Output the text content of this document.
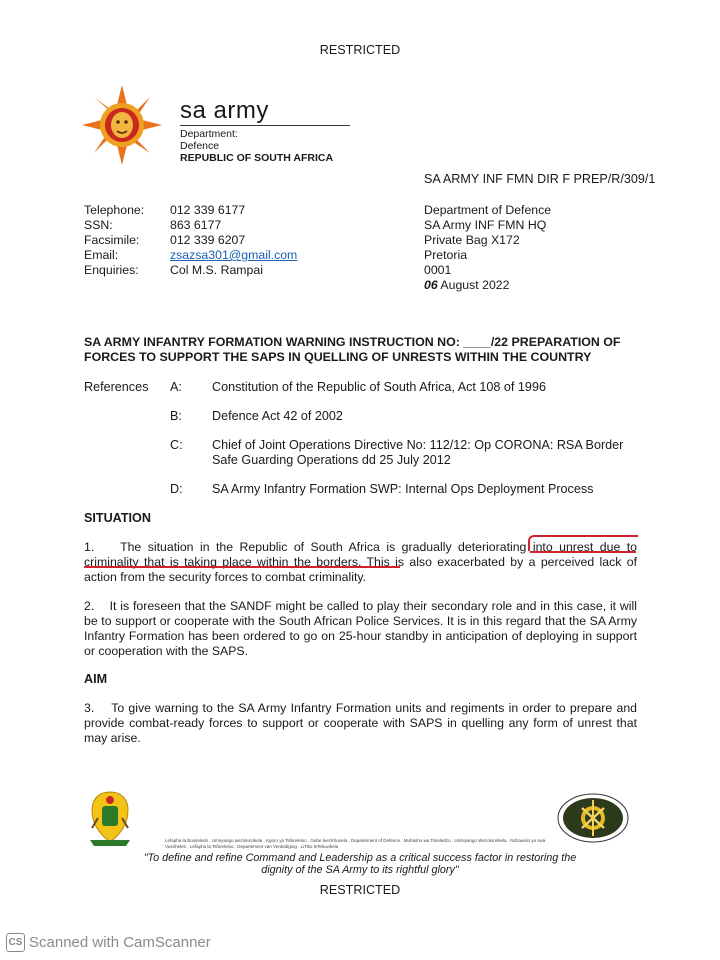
RESTRICTED
sa army
Department:
Defence
REPUBLIC OF SOUTH AFRICA
SA ARMY INF FMN DIR F PREP/R/309/1
Telephone:	012 339 6177
SSN:	863 6177
Facsimile:	012 339 6207
Email:	zsazsa301@gmail.com
Enquiries:	Col M.S. Rampai
Department of Defence
SA Army INF FMN HQ
Private Bag X172
Pretoria
0001
06 August 2022
SA ARMY INFANTRY FORMATION WARNING INSTRUCTION NO: ____/22 PREPARATION OF FORCES TO SUPPORT THE SAPS IN QUELLING OF UNRESTS WITHIN THE COUNTRY
References A: Constitution of the Republic of South Africa, Act 108 of 1996
B: Defence Act 42 of 2002
C: Chief of Joint Operations Directive No: 112/12: Op CORONA: RSA Border Safe Guarding Operations dd 25 July 2012
D: SA Army Infantry Formation SWP: Internal Ops Deployment Process
SITUATION
1.    The situation in the Republic of South Africa is gradually deteriorating into unrest due to criminality that is taking place within the borders. This is also exacerbated by a perceived lack of action from the security forces to combat criminality.
2.    It is foreseen that the SANDF might be called to play their secondary role and in this case, it will be to support or cooperate with the South African Police Services. It is in this regard that the SA Army Infantry Formation has been ordered to go on 25-hour standby in anticipation of deploying in support or cooperation with the SAPS.
AIM
3.    To give warning to the SA Army Infantry Formation units and regiments in order to prepare and provide combat-ready forces to support or cooperate with SAPS in quelling any form of unrest that may arise.
Lefapha la Bosireletsi . Umnyango wezokuVikela . Kgoro ya Tshireletso . Gebe leezKhusela . Departement of Defence . Muhasho wa Tsireledzo . UmNyango WezokuVikela . Ndzawulo ya swa Vusirheleri . Lefapha la Tshireletso . Departement van Verdediging . LiTiko leTekuvikela
"To define and refine Command and Leadership as a critical success factor in restoring the
dignity of the SA Army to its rightful glory"
RESTRICTED
CS Scanned with CamScanner
